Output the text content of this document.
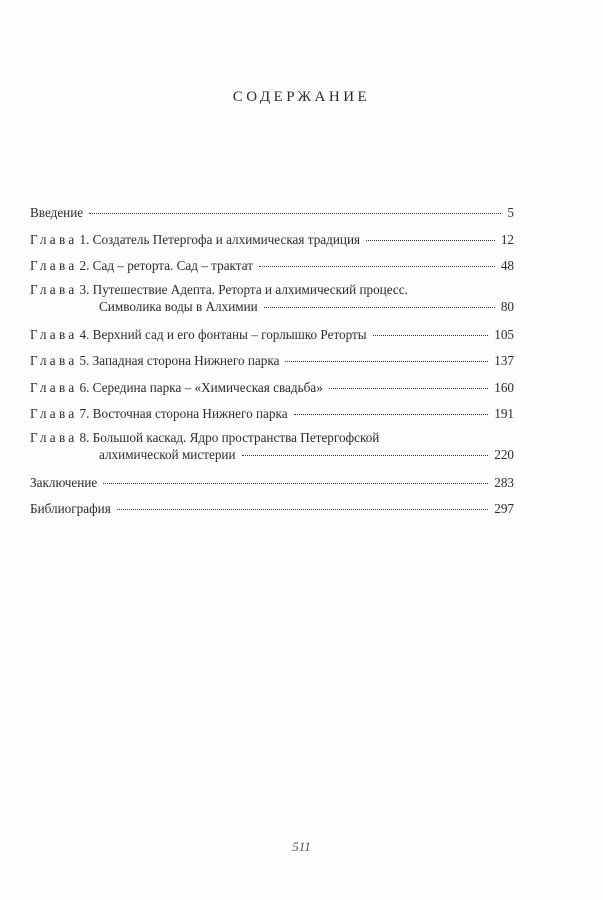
СОДЕРЖАНИЕ
Введение	5
Глава 1. Создатель Петергофа и алхимическая традиция	12
Глава 2. Сад – реторта. Сад – трактат	48
Глава 3. Путешествие Адепта. Реторта и алхимический процесс.
Символика воды в Алхимии	80
Глава 4. Верхний сад и его фонтаны – горлышко Реторты	105
Глава 5. Западная сторона Нижнего парка	137
Глава 6. Середина парка – «Химическая свадьба»	160
Глава 7. Восточная сторона Нижнего парка	191
Глава 8. Большой каскад. Ядро пространства Петергофской
алхимической мистерии	220
Заключение	283
Библиография	297
511
